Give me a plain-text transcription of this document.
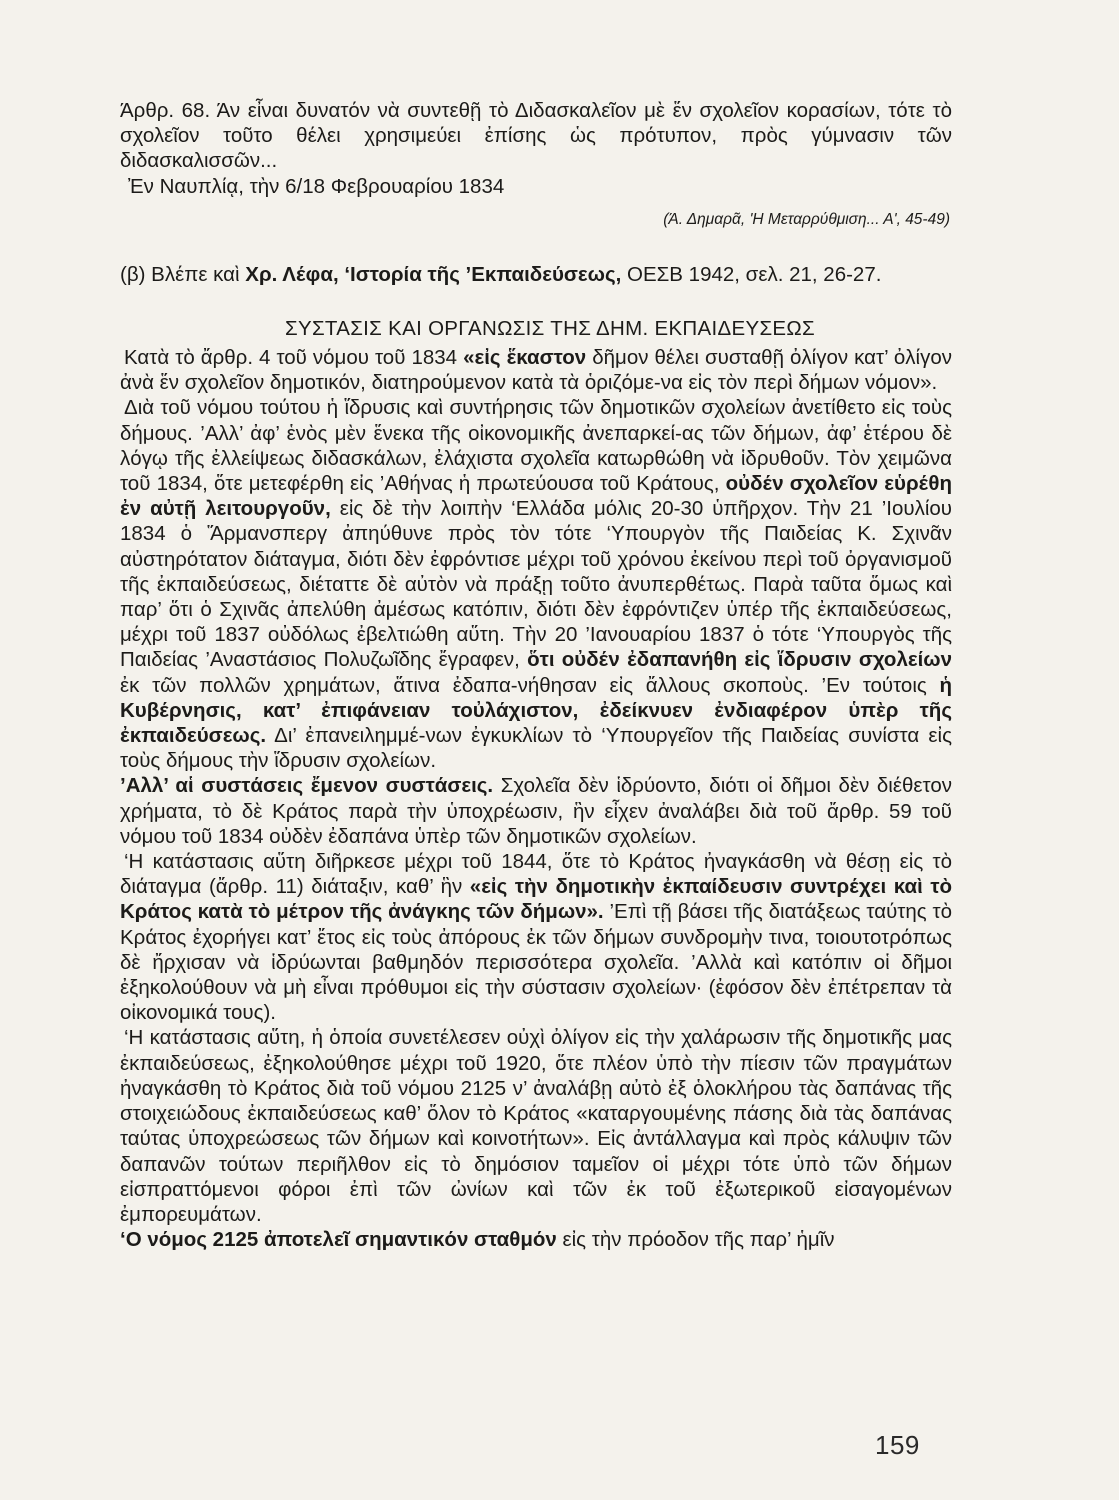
Άρθρ. 68. Άν εἶναι δυνατόν νὰ συντεθῇ τὸ Διδασκαλεῖον μὲ ἕν σχολεῖον κορασίων, τότε τὸ σχολεῖον τοῦτο θέλει χρησιμεύει ἐπίσης ὡς πρότυπον, πρὸς γύμνασιν τῶν διδασκαλισσῶν...

Ἐν Ναυπλίᾳ, τὴν 6/18 Φεβρουαρίου 1834

(Ά. Δημαρᾶ, 'Η Μεταρρύθμιση... Α', 45-49)

(β) Βλέπε καὶ Χρ. Λέφα, ‘Ιστορία τῆς ’Εκπαιδεύσεως, ΟΕΣΒ 1942, σελ. 21, 26-27.

ΣΥΣΤΑΣΙΣ ΚΑΙ ΟΡΓΑΝΩΣΙΣ ΤΗΣ ΔΗΜ. ΕΚΠΑΙΔΕΥΣΕΩΣ

Κατὰ τὸ ἄρθρ. 4 τοῦ νόμου τοῦ 1834 «εἰς ἕκαστον δῆμον θέλει συσταθῇ ὀλίγον κατ’ ὀλίγον ἀνὰ ἕν σχολεῖον δημοτικόν, διατηρούμενον κατὰ τὰ ὁριζόμε-να εἰς τὸν περὶ δήμων νόμον».

Διὰ τοῦ νόμου τούτου ἡ ἵδρυσις καὶ συντήρησις τῶν δημοτικῶν σχολείων ἀνετίθετο εἰς τοὺς δήμους. ’Αλλ’ ἀφ’ ἑνὸς μὲν ἕνεκα τῆς οἰκονομικῆς ἀνεπαρκεί-ας τῶν δήμων, ἀφ’ ἑτέρου δὲ λόγῳ τῆς ἐλλείψεως διδασκάλων, ἐλάχιστα σχολεῖα κατωρθώθη νὰ ἱδρυθοῦν. Τὸν χειμῶνα τοῦ 1834, ὅτε μετεφέρθη εἰς ’Αθήνας ἡ πρωτεύουσα τοῦ Κράτους, οὐδέν σχολεῖον εὑρέθη ἐν αὐτῇ λειτουργοῦν, εἰς δὲ τὴν λοιπὴν ‘Ελλάδα μόλις 20-30 ὑπῆρχον. Τὴν 21 ’Ιουλίου 1834 ὁ Ἅρμανσπεργ ἀπηύθυνε πρὸς τὸν τότε ‘Υπουργὸν τῆς Παιδείας Κ. Σχινᾶν αὐστηρότατον διάταγμα, διότι δὲν ἐφρόντισε μέχρι τοῦ χρόνου ἐκείνου περὶ τοῦ ὀργανισμοῦ τῆς ἐκπαιδεύσεως, διέταττε δὲ αὐτὸν νὰ πράξῃ τοῦτο ἀνυπερθέτως. Παρὰ ταῦτα ὅμως καὶ παρ’ ὅτι ὁ Σχινᾶς ἀπελύθη ἀμέσως κατόπιν, διότι δὲν ἐφρόντιζεν ὑπέρ τῆς ἐκπαιδεύσεως, μέχρι τοῦ 1837 οὐδόλως ἐβελτιώθη αὕτη. Τὴν 20 ’Ιανουαρίου 1837 ὁ τότε ‘Υπουργὸς τῆς Παιδείας ’Αναστάσιος Πολυζωῖδης ἔγραφεν, ὅτι οὐδέν ἐδαπανήθη εἰς ἵδρυσιν σχολείων ἐκ τῶν πολλῶν χρημάτων, ἅτινα ἐδαπα-νήθησαν εἰς ἄλλους σκοποὺς. ’Εν τούτοις ἡ Κυβέρνησις, κατ’ ἐπιφάνειαν τοὐλάχιστον, ἐδείκνυεν ἐνδιαφέρον ὑπὲρ τῆς ἐκπαιδεύσεως. Δι’ ἐπανειλημμέ-νων ἐγκυκλίων τὸ ‘Υπουργεῖον τῆς Παιδείας συνίστα εἰς τοὺς δήμους τὴν ἵδρυσιν σχολείων.

’Αλλ’ αἱ συστάσεις ἔμενον συστάσεις. Σχολεῖα δὲν ἱδρύοντο, διότι οἱ δῆμοι δὲν διέθετον χρήματα, τὸ δὲ Κράτος παρὰ τὴν ὑποχρέωσιν, ἣν εἶχεν ἀναλάβει διὰ τοῦ ἄρθρ. 59 τοῦ νόμου τοῦ 1834 οὐδὲν ἐδαπάνα ὑπὲρ τῶν δημοτικῶν σχολείων.

‘Η κατάστασις αὕτη διῆρκεσε μέχρι τοῦ 1844, ὅτε τὸ Κράτος ἠναγκάσθη νὰ θέσῃ εἰς τὸ διάταγμα (ἄρθρ. 11) διάταξιν, καθ’ ἣν «εἰς τὴν δημοτικὴν ἐκπαίδευσιν συντρέχει καὶ τὸ Κράτος κατὰ τὸ μέτρον τῆς ἀνάγκης τῶν δήμων». ’Επὶ τῇ βάσει τῆς διατάξεως ταύτης τὸ Κράτος ἐχορήγει κατ’ ἔτος εἰς τοὺς ἀπόρους ἐκ τῶν δήμων συνδρομὴν τινα, τοιουτοτρόπως δὲ ἤρχισαν νὰ ἱδρύωνται βαθμηδόν περισσότερα σχολεῖα. ’Αλλὰ καὶ κατόπιν οἱ δῆμοι ἐξηκολούθουν νὰ μὴ εἶναι πρόθυμοι εἰς τὴν σύστασιν σχολείων· (ἐφόσον δὲν ἐπέτρεπαν τὰ οἰκονομικά τους).

‘Η κατάστασις αὕτη, ἡ ὁποία συνετέλεσεν οὐχὶ ὀλίγον εἰς τὴν χαλάρωσιν τῆς δημοτικῆς μας ἐκπαιδεύσεως, ἐξηκολούθησε μέχρι τοῦ 1920, ὅτε πλέον ὑπὸ τὴν πίεσιν τῶν πραγμάτων ἠναγκάσθη τὸ Κράτος διὰ τοῦ νόμου 2125 ν’ ἀναλάβῃ αὐτὸ ἐξ ὁλοκλήρου τὰς δαπάνας τῆς στοιχειώδους ἐκπαιδεύσεως καθ’ ὅλον τὸ Κράτος «καταργουμένης πάσης διὰ τὰς δαπάνας ταύτας ὑποχρεώσεως τῶν δήμων καὶ κοινοτήτων». Εἰς ἀντάλλαγμα καὶ πρὸς κάλυψιν τῶν δαπανῶν τούτων περιῆλθον εἰς τὸ δημόσιον ταμεῖον οἱ μέχρι τότε ὑπὸ τῶν δήμων εἰσπραττόμενοι φόροι ἐπὶ τῶν ὠνίων καὶ τῶν ἐκ τοῦ ἐξωτερικοῦ εἰσαγομένων ἐμπορευμάτων.

‘Ο νόμος 2125 ἀποτελεῖ σημαντικόν σταθμόν εἰς τὴν πρόοδον τῆς παρ’ ἡμῖν

159
